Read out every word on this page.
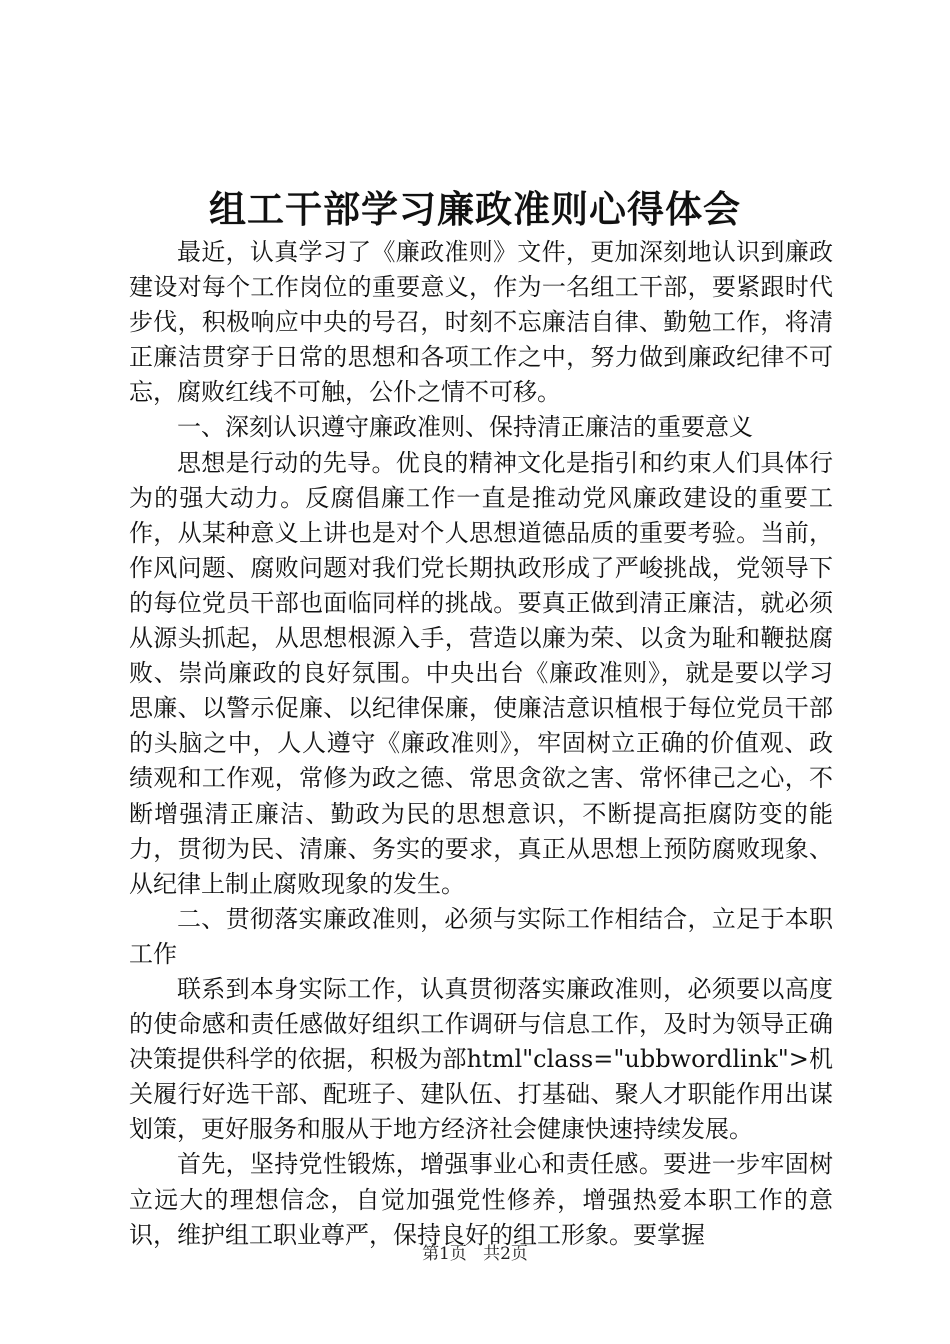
组工干部学习廉政准则心得体会

最近，认真学习了《廉政准则》文件，更加深刻地认识到廉政建设对每个工作岗位的重要意义，作为一名组工干部，要紧跟时代步伐，积极响应中央的号召，时刻不忘廉洁自律、勤勉工作，将清正廉洁贯穿于日常的思想和各项工作之中，努力做到廉政纪律不可忘，腐败红线不可触，公仆之情不可移。

一、深刻认识遵守廉政准则、保持清正廉洁的重要意义

思想是行动的先导。优良的精神文化是指引和约束人们具体行为的强大动力。反腐倡廉工作一直是推动党风廉政建设的重要工作，从某种意义上讲也是对个人思想道德品质的重要考验。当前，作风问题、腐败问题对我们党长期执政形成了严峻挑战，党领导下的每位党员干部也面临同样的挑战。要真正做到清正廉洁，就必须从源头抓起，从思想根源入手，营造以廉为荣、以贪为耻和鞭挞腐败、崇尚廉政的良好氛围。中央出台《廉政准则》，就是要以学习思廉、以警示促廉、以纪律保廉，使廉洁意识植根于每位党员干部的头脑之中，人人遵守《廉政准则》，牢固树立正确的价值观、政绩观和工作观，常修为政之德、常思贪欲之害、常怀律己之心，不断增强清正廉洁、勤政为民的思想意识，不断提高拒腐防变的能力，贯彻为民、清廉、务实的要求，真正从思想上预防腐败现象、从纪律上制止腐败现象的发生。

二、贯彻落实廉政准则，必须与实际工作相结合，立足于本职工作

联系到本身实际工作，认真贯彻落实廉政准则，必须要以高度的使命感和责任感做好组织工作调研与信息工作，及时为领导正确决策提供科学的依据，积极为部html"class="ubbwordlink">机关履行好选干部、配班子、建队伍、打基础、聚人才职能作用出谋划策，更好服务和服从于地方经济社会健康快速持续发展。

首先，坚持党性锻炼，增强事业心和责任感。要进一步牢固树立远大的理想信念，自觉加强党性修养，增强热爱本职工作的意识，维护组工职业尊严，保持良好的组工形象。要掌握

第1页 共2页
